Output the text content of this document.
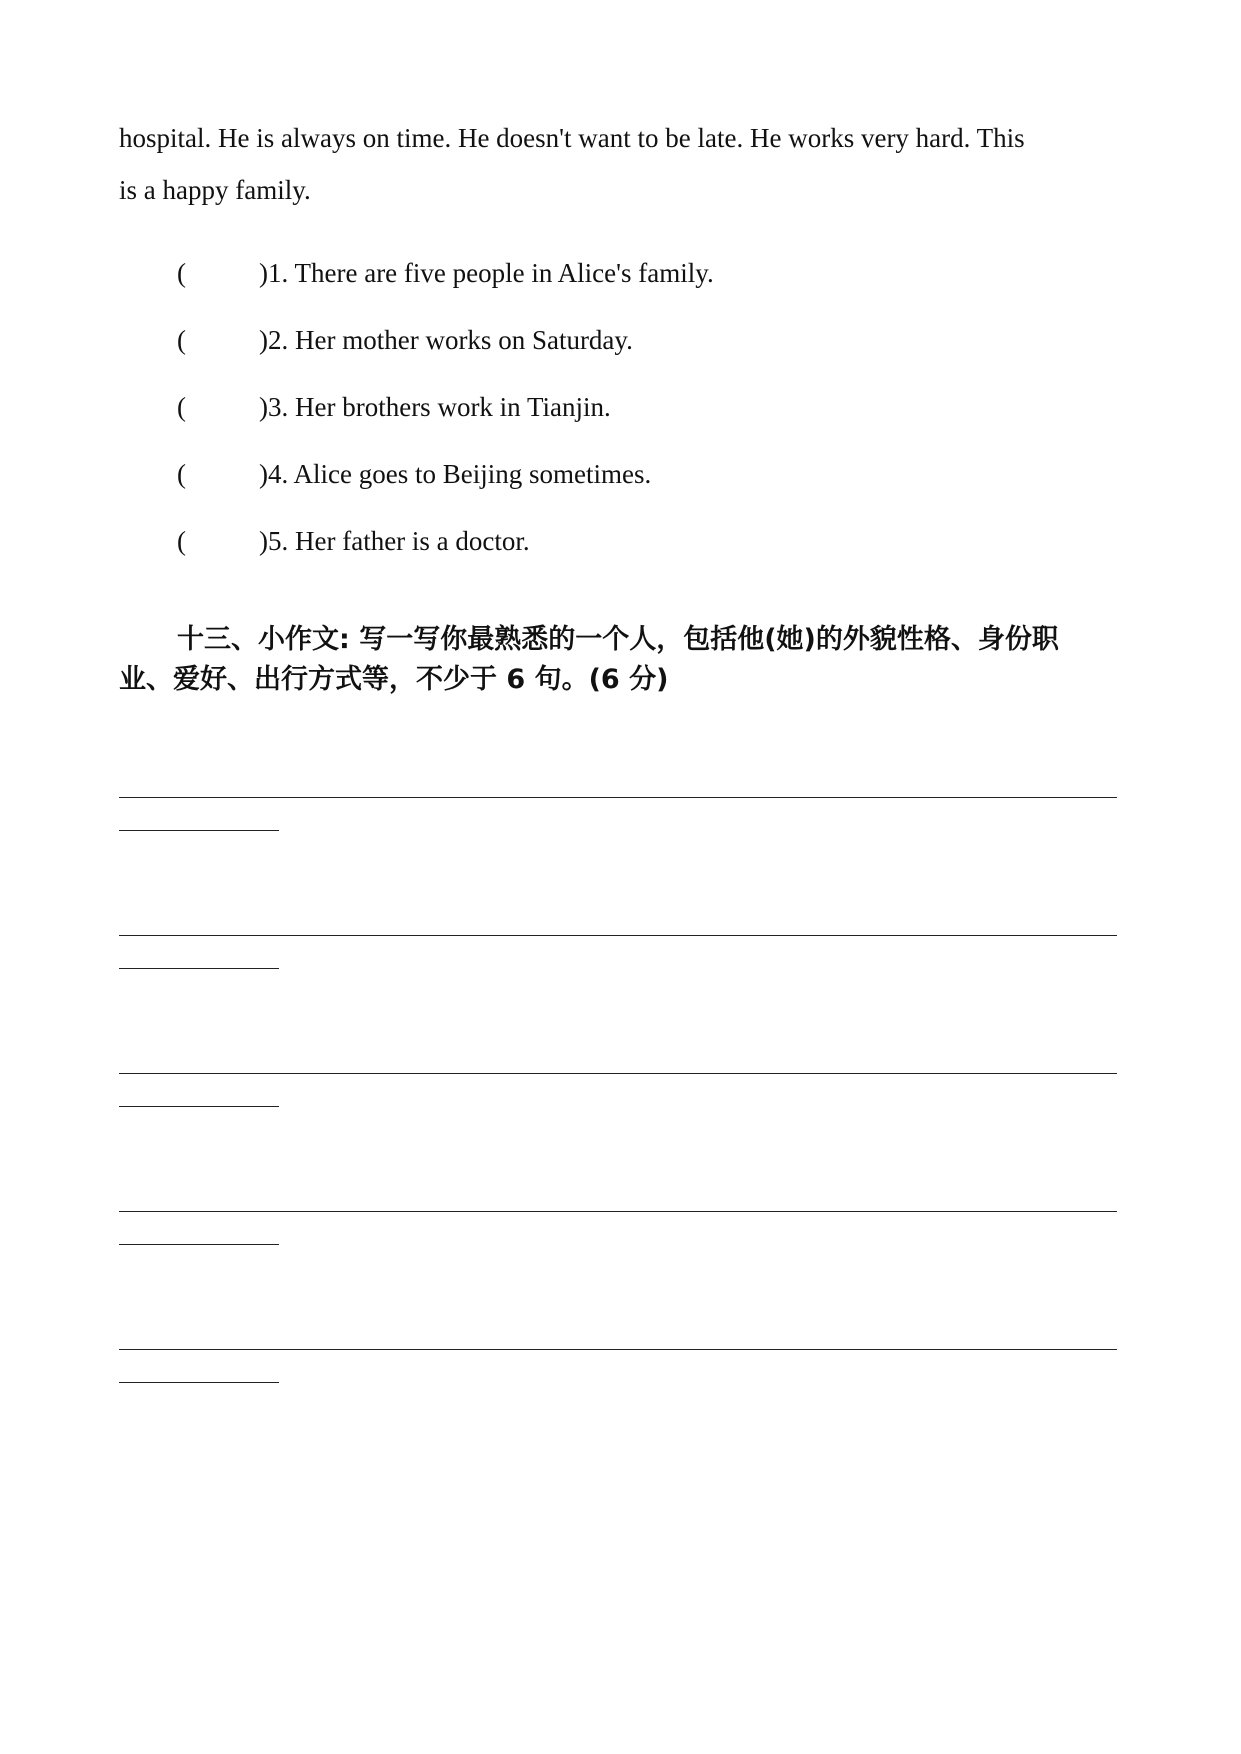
hospital. He is always on time. He doesn't want to be late. He works very hard. This
is a happy family.
(	)1. There are five people in Alice's family.
(	)2. Her mother works on Saturday.
(	)3. Her brothers work in Tianjin.
(	)4. Alice goes to Beijing sometimes.
(	)5. Her father is a doctor.
十三、小作文: 写一写你最熟悉的一个人，包括他(她)的外貌性格、身份职
业、爱好、出行方式等，不少于 6 句。(6 分)
